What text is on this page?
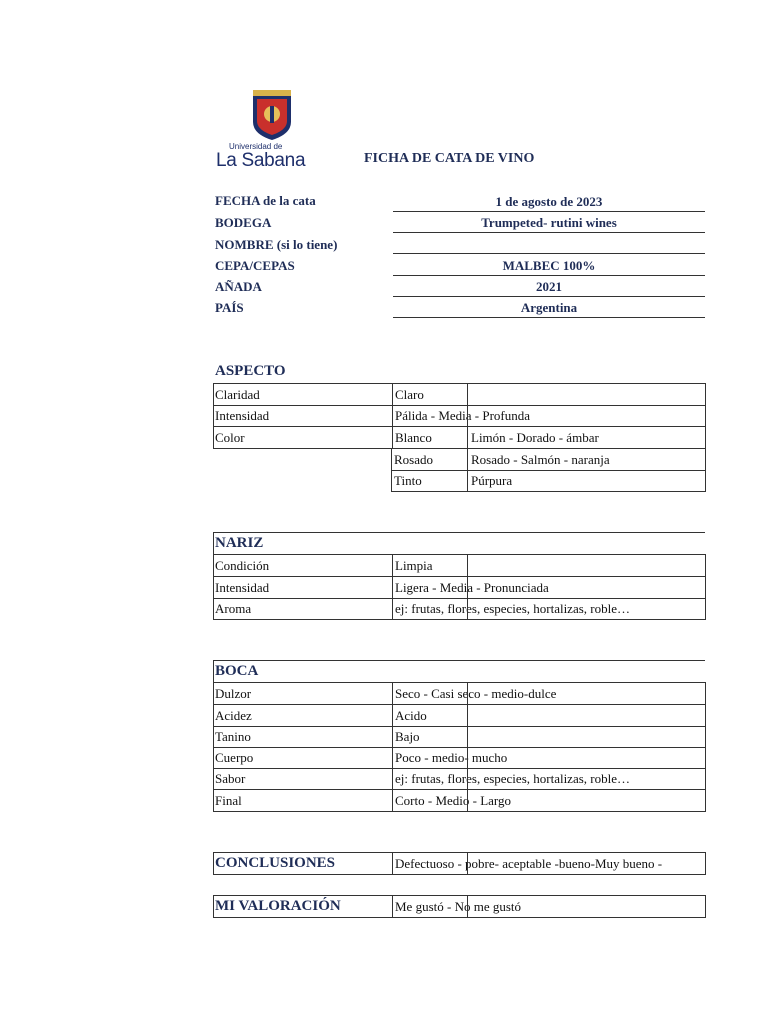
Universidad de
La Sabana	FICHA DE CATA DE VINO
FECHA de la cata	1 de agosto de 2023
BODEGA	Trumpeted- rutini wines
NOMBRE (si lo tiene)
CEPA/CEPAS	MALBEC 100%
AÑADA	2021
PAÍS	Argentina
ASPECTO
Claridad	Claro
Intensidad	Pálida - Media - Profunda
Color	Blanco	Limón - Dorado - ámbar
Rosado	Rosado - Salmón - naranja
Tinto	Púrpura
NARIZ
Condición	Limpia
Intensidad	Ligera - Media - Pronunciada
Aroma	ej: frutas, flores, especies, hortalizas, roble…
BOCA
Dulzor	Seco - Casi seco - medio-dulce
Acidez	Acido
Tanino	Bajo
Cuerpo	Poco - medio- mucho
Sabor	ej: frutas, flores, especies, hortalizas, roble…
Final	Corto - Medio - Largo
CONCLUSIONES	Defectuoso - pobre- aceptable -bueno-Muy bueno -
MI VALORACIÓN	Me gustó - No me gustó
